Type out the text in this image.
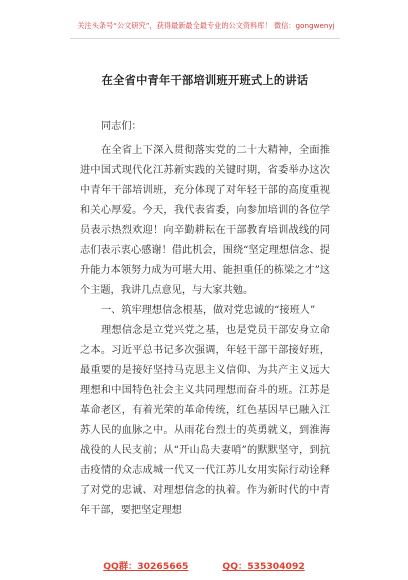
关注头条号“公文研究”，获得最新最全最专业的公文资料库！ 微信：gongwenyj
在全省中青年干部培训班开班式上的讲话

同志们：

在全省上下深入贯彻落实党的二十大精神，全面推进中国式现代化江苏新实践的关键时期，省委举办这次中青年干部培训班，充分体现了对年轻干部的高度重视和关心厚爱。今天，我代表省委，向参加培训的各位学员表示热烈欢迎！向辛勤耕耘在干部教育培训战线的同志们表示衷心感谢！借此机会，围绕“坚定理想信念、提升能力本领努力成为可堪大用、能担重任的栋梁之才”这个主题，我讲几点意见，与大家共勉。

一、筑牢理想信念根基，做对党忠诚的“接班人”

理想信念是立党兴党之基，也是党员干部安身立命之本。习近平总书记多次强调，年轻干部干部接好班，最重要的是接好坚持马克思主义信仰、为共产主义远大理想和中国特色社会主义共同理想而奋斗的班。江苏是革命老区，有着光荣的革命传统，红色基因早已融入江苏人民的血脉之中。从雨花台烈士的英勇就义，到淮海战役的人民支前；从“开山岛夫妻哨”的默默坚守，到抗击疫情的众志成城一代又一代江苏儿女用实际行动诠释了对党的忠诚、对理想信念的执着。作为新时代的中青年干部，要把坚定理想

QQ群：30265665	QQ：535304092
